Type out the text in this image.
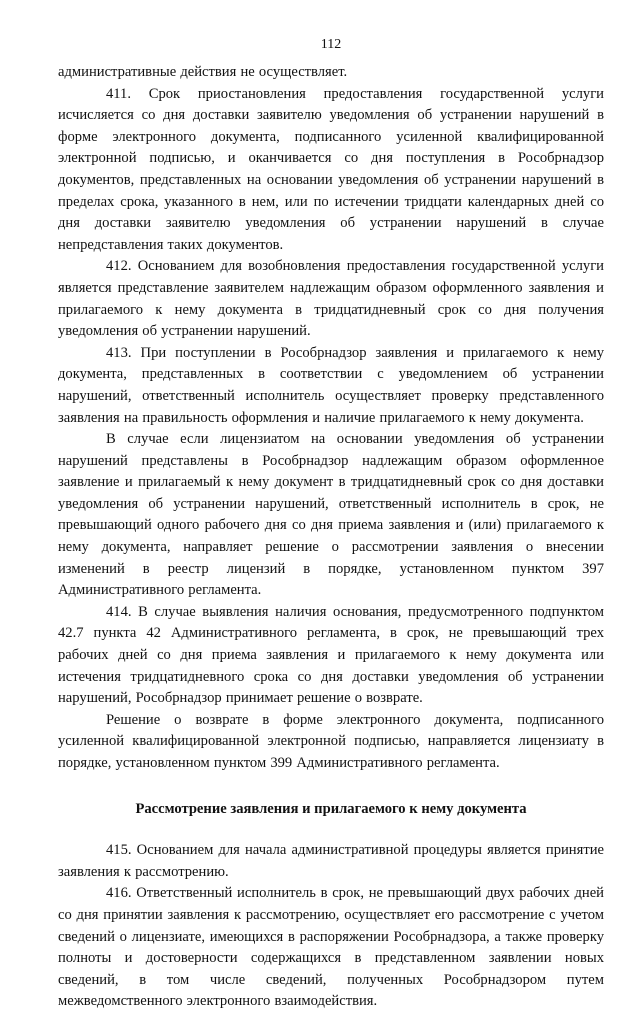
112

административные действия не осуществляет.

411. Срок приостановления предоставления государственной услуги исчисляется со дня доставки заявителю уведомления об устранении нарушений в форме электронного документа, подписанного усиленной квалифицированной электронной подписью, и оканчивается со дня поступления в Рособрнадзор документов, представленных на основании уведомления об устранении нарушений в пределах срока, указанного в нем, или по истечении тридцати календарных дней со дня доставки заявителю уведомления об устранении нарушений в случае непредставления таких документов.

412. Основанием для возобновления предоставления государственной услуги является представление заявителем надлежащим образом оформленного заявления и прилагаемого к нему документа в тридцатидневный срок со дня получения уведомления об устранении нарушений.

413. При поступлении в Рособрнадзор заявления и прилагаемого к нему документа, представленных в соответствии с уведомлением об устранении нарушений, ответственный исполнитель осуществляет проверку представленного заявления на правильность оформления и наличие прилагаемого к нему документа.

В случае если лицензиатом на основании уведомления об устранении нарушений представлены в Рособрнадзор надлежащим образом оформленное заявление и прилагаемый к нему документ в тридцатидневный срок со дня доставки уведомления об устранении нарушений, ответственный исполнитель в срок, не превышающий одного рабочего дня со дня приема заявления и (или) прилагаемого к нему документа, направляет решение о рассмотрении заявления о внесении изменений в реестр лицензий в порядке, установленном пунктом 397 Административного регламента.

414. В случае выявления наличия основания, предусмотренного подпунктом 42.7 пункта 42 Административного регламента, в срок, не превышающий трех рабочих дней со дня приема заявления и прилагаемого к нему документа или истечения тридцатидневного срока со дня доставки уведомления об устранении нарушений, Рособрнадзор принимает решение о возврате.

Решение о возврате в форме электронного документа, подписанного усиленной квалифицированной электронной подписью, направляется лицензиату в порядке, установленном пунктом 399 Административного регламента.

Рассмотрение заявления и прилагаемого к нему документа

415. Основанием для начала административной процедуры является принятие заявления к рассмотрению.

416. Ответственный исполнитель в срок, не превышающий двух рабочих дней со дня принятии заявления к рассмотрению, осуществляет его рассмотрение с учетом сведений о лицензиате, имеющихся в распоряжении Рособрнадзора, а также проверку полноты и достоверности содержащихся в представленном заявлении новых сведений, в том числе сведений, полученных Рособрнадзором путем межведомственного электронного взаимодействия.
